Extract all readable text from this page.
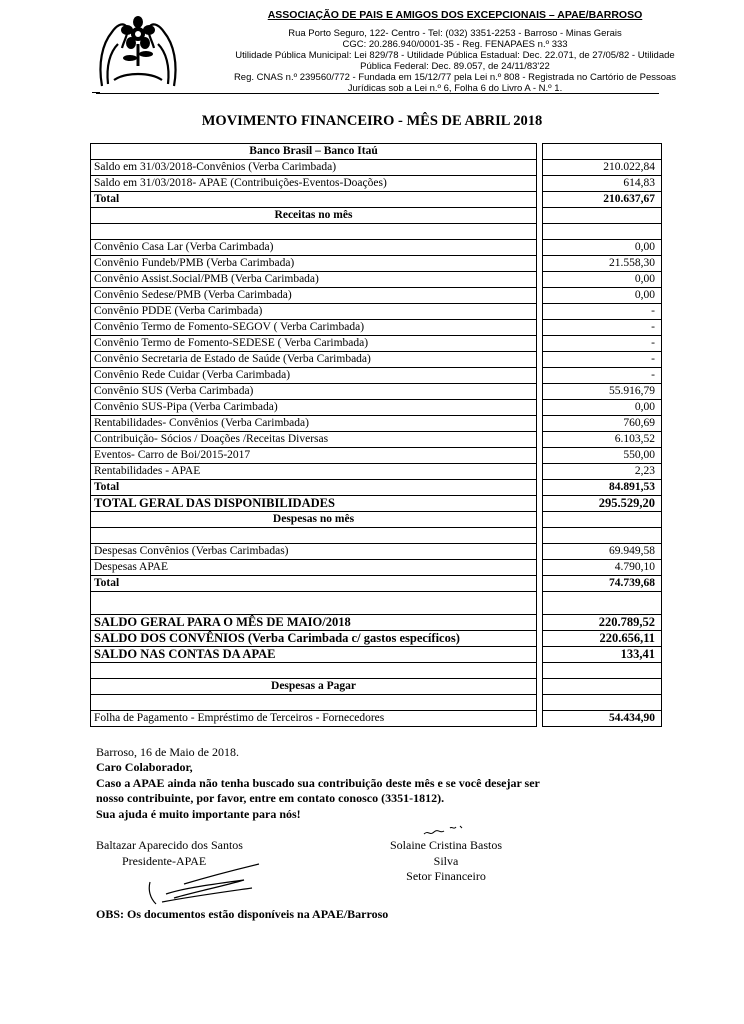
ASSOCIAÇÃO DE PAIS E AMIGOS DOS EXCEPCIONAIS – APAE/BARROSO
Rua Porto Seguro, 122- Centro - Tel: (032) 3351-2253 - Barroso - Minas Gerais
CGC: 20.286.940/0001-35 - Reg. FENAPAES n.º 333
Utilidade Pública Municipal: Lei 829/78 - Utilidade Pública Estadual: Dec. 22.071, de 27/05/82 - Utilidade
Pública Federal: Dec. 89.057, de 24/11/83'22
Reg. CNAS n.º 239560/772 - Fundada em 15/12/77 pela Lei n.º 808 - Registrada no Cartório de Pessoas
Jurídicas sob a Lei n.º 6, Folha 6 do Livro A - N.º 1.
MOVIMENTO FINANCEIRO - MÊS DE ABRIL 2018
Banco Brasil – Banco Itaú		
Saldo em 31/03/2018-Convênios (Verba Carimbada)		210.022,84
Saldo em 31/03/2018- APAE (Contribuições-Eventos-Doações)		614,83
Total		210.637,67
Receitas no mês		

Convênio Casa Lar (Verba Carimbada)		0,00
Convênio Fundeb/PMB (Verba Carimbada)		21.558,30
Convênio Assist.Social/PMB (Verba Carimbada)		0,00
Convênio Sedese/PMB (Verba Carimbada)		0,00
Convênio PDDE (Verba Carimbada)		-
Convênio Termo de Fomento-SEGOV ( Verba Carimbada)		-
Convênio Termo de Fomento-SEDESE ( Verba Carimbada)		-
Convênio Secretaria de Estado de Saúde (Verba Carimbada)		-
Convênio Rede Cuidar (Verba Carimbada)		-
Convênio SUS (Verba Carimbada)		55.916,79
Convênio SUS-Pipa (Verba Carimbada)		0,00
Rentabilidades- Convênios (Verba Carimbada)		760,69
Contribuição- Sócios / Doações /Receitas Diversas		6.103,52
Eventos- Carro de Boi/2015-2017		550,00
Rentabilidades - APAE		2,23
Total		84.891,53
TOTAL GERAL DAS DISPONIBILIDADES		295.529,20
Despesas no mês		

Despesas Convênios (Verbas Carimbadas)		69.949,58
Despesas APAE		4.790,10
Total		74.739,68

SALDO GERAL PARA O MÊS DE MAIO/2018		220.789,52
SALDO DOS CONVÊNIOS (Verba Carimbada c/ gastos específicos)		220.656,11
SALDO NAS CONTAS DA APAE		133,41

Despesas a Pagar		

Folha de Pagamento - Empréstimo de Terceiros - Fornecedores		54.434,90
Barroso, 16 de Maio de 2018.
Caro Colaborador,
Caso a APAE ainda não tenha buscado sua contribuição deste mês e se você desejar ser
nosso contribuinte, por favor, entre em contato conosco (3351-1812).
Sua ajuda é muito importante para nós!
Baltazar Aparecido dos Santos
Presidente-APAE
Solaine Cristina Bastos Silva
Setor Financeiro
OBS: Os documentos estão disponíveis na APAE/Barroso
